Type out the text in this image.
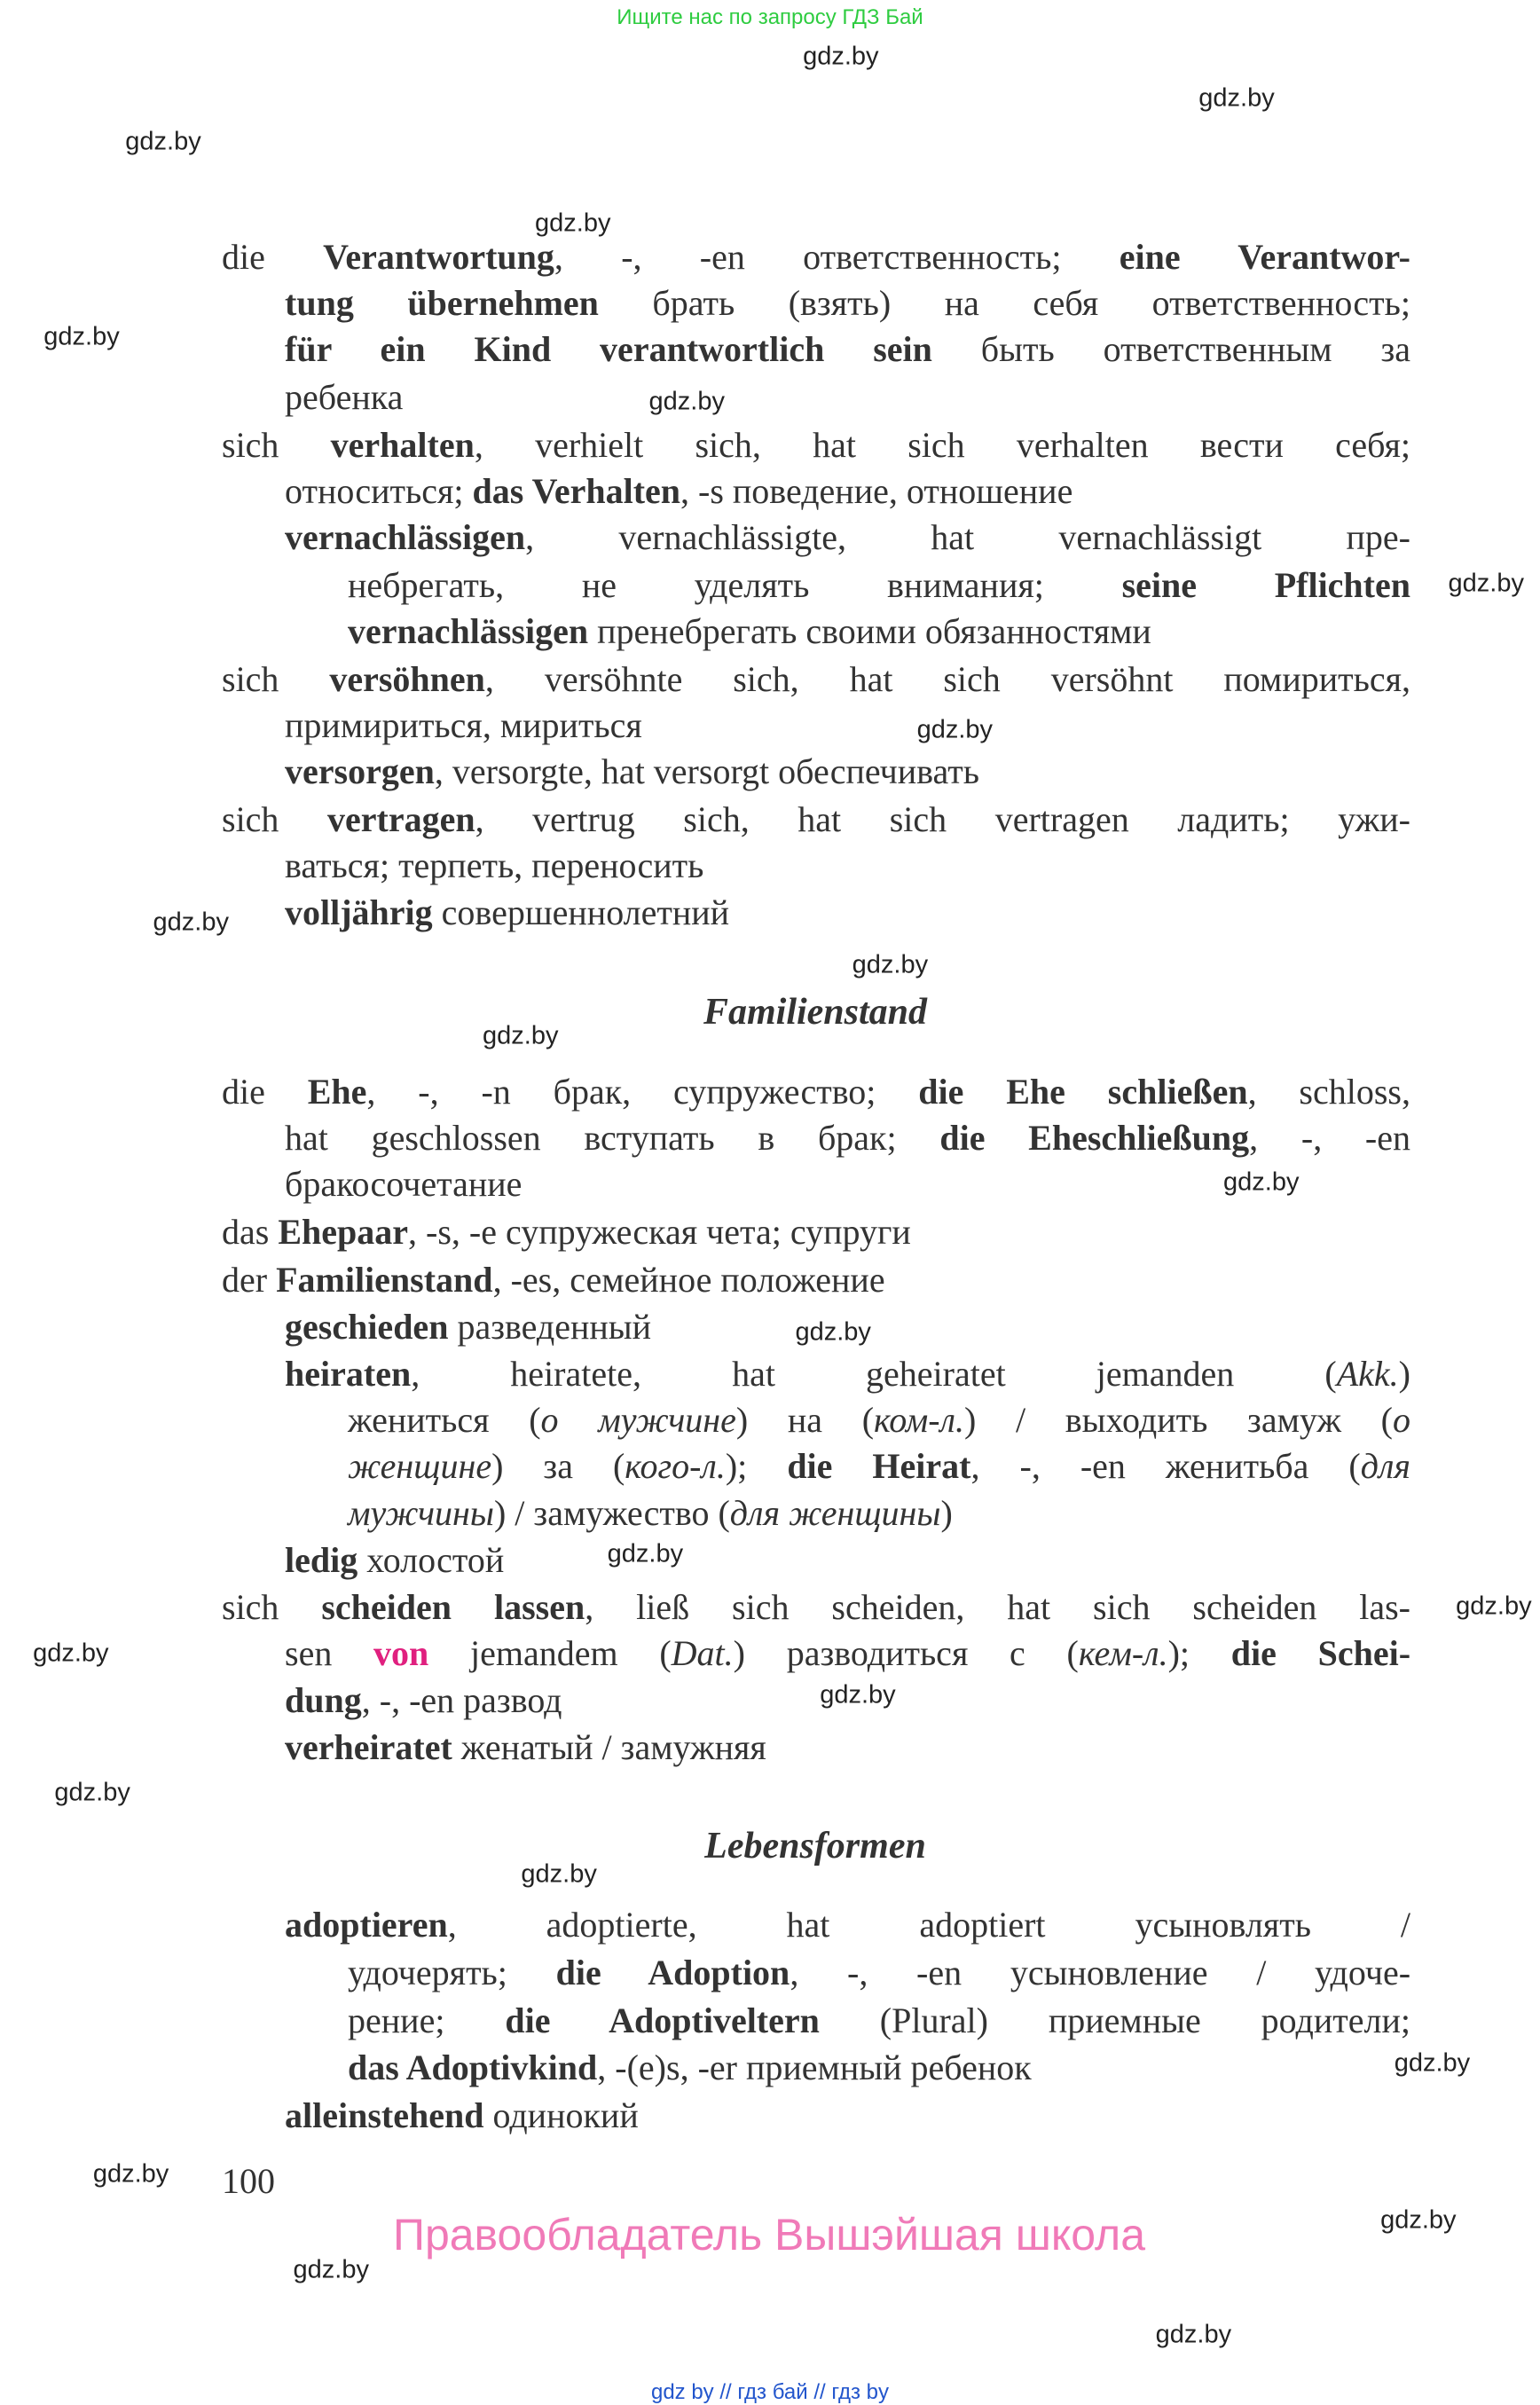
Ищите нас по запросу ГДЗ Бай
die Verantwortung, -, -en ответственность; eine Verantwor-
tung übernehmen брать (взять) на себя ответственность;
für ein Kind verantwortlich sein быть ответственным за
ребенка
sich verhalten, verhielt sich, hat sich verhalten вести себя;
относиться; das Verhalten, -s поведение, отношение
vernachlässigen, vernachlässigte, hat vernachlässigt пре-
небрегать, не уделять внимания; seine Pflichten
vernachlässigen пренебрегать своими обязанностями
sich versöhnen, versöhnte sich, hat sich versöhnt помириться,
примириться, мириться
versorgen, versorgte, hat versorgt обеспечивать
sich vertragen, vertrug sich, hat sich vertragen ладить; ужи-
ваться; терпеть, переносить
volljährig совершеннолетний
Familienstand
die Ehe, -, -n брак, супружество; die Ehe schließen, schloss,
hat geschlossen вступать в брак; die Eheschließung, -, -en
бракосочетание
das Ehepaar, -s, -e супружеская чета; супруги
der Familienstand, -es, семейное положение
geschieden разведенный
heiraten, heiratete, hat geheiratet jemanden (Akk.)
жениться (о мужчине) на (ком-л.) / выходить замуж (о
женщине) за (кого-л.); die Heirat, -, -en женитьба (для
мужчины) / замужество (для женщины)
ledig холостой
sich scheiden lassen, ließ sich scheiden, hat sich scheiden las-
sen von jemandem (Dat.) разводиться с (кем-л.); die Schei-
dung, -, -en развод
verheiratet женатый / замужняя
Lebensformen
adoptieren, adoptierte, hat adoptiert усыновлять /
удочерять; die Adoption, -, -en усыновление / удоче-
рение; die Adoptiveltern (Plural) приемные родители;
das Adoptivkind, -(e)s, -er приемный ребенок
alleinstehend одинокий
gdz.by
gdz.by
gdz.by
gdz.by
gdz.by
gdz.by
gdz.by
gdz.by
gdz.by
gdz.by
gdz.by
gdz.by
gdz.by
gdz.by
gdz.by
gdz.by
gdz.by
gdz.by
gdz.by
gdz.by
gdz.by
gdz.by
gdz.by
gdz.by
100
Правообладатель Вышэйшая школа
gdz by // гдз бай // гдз by
